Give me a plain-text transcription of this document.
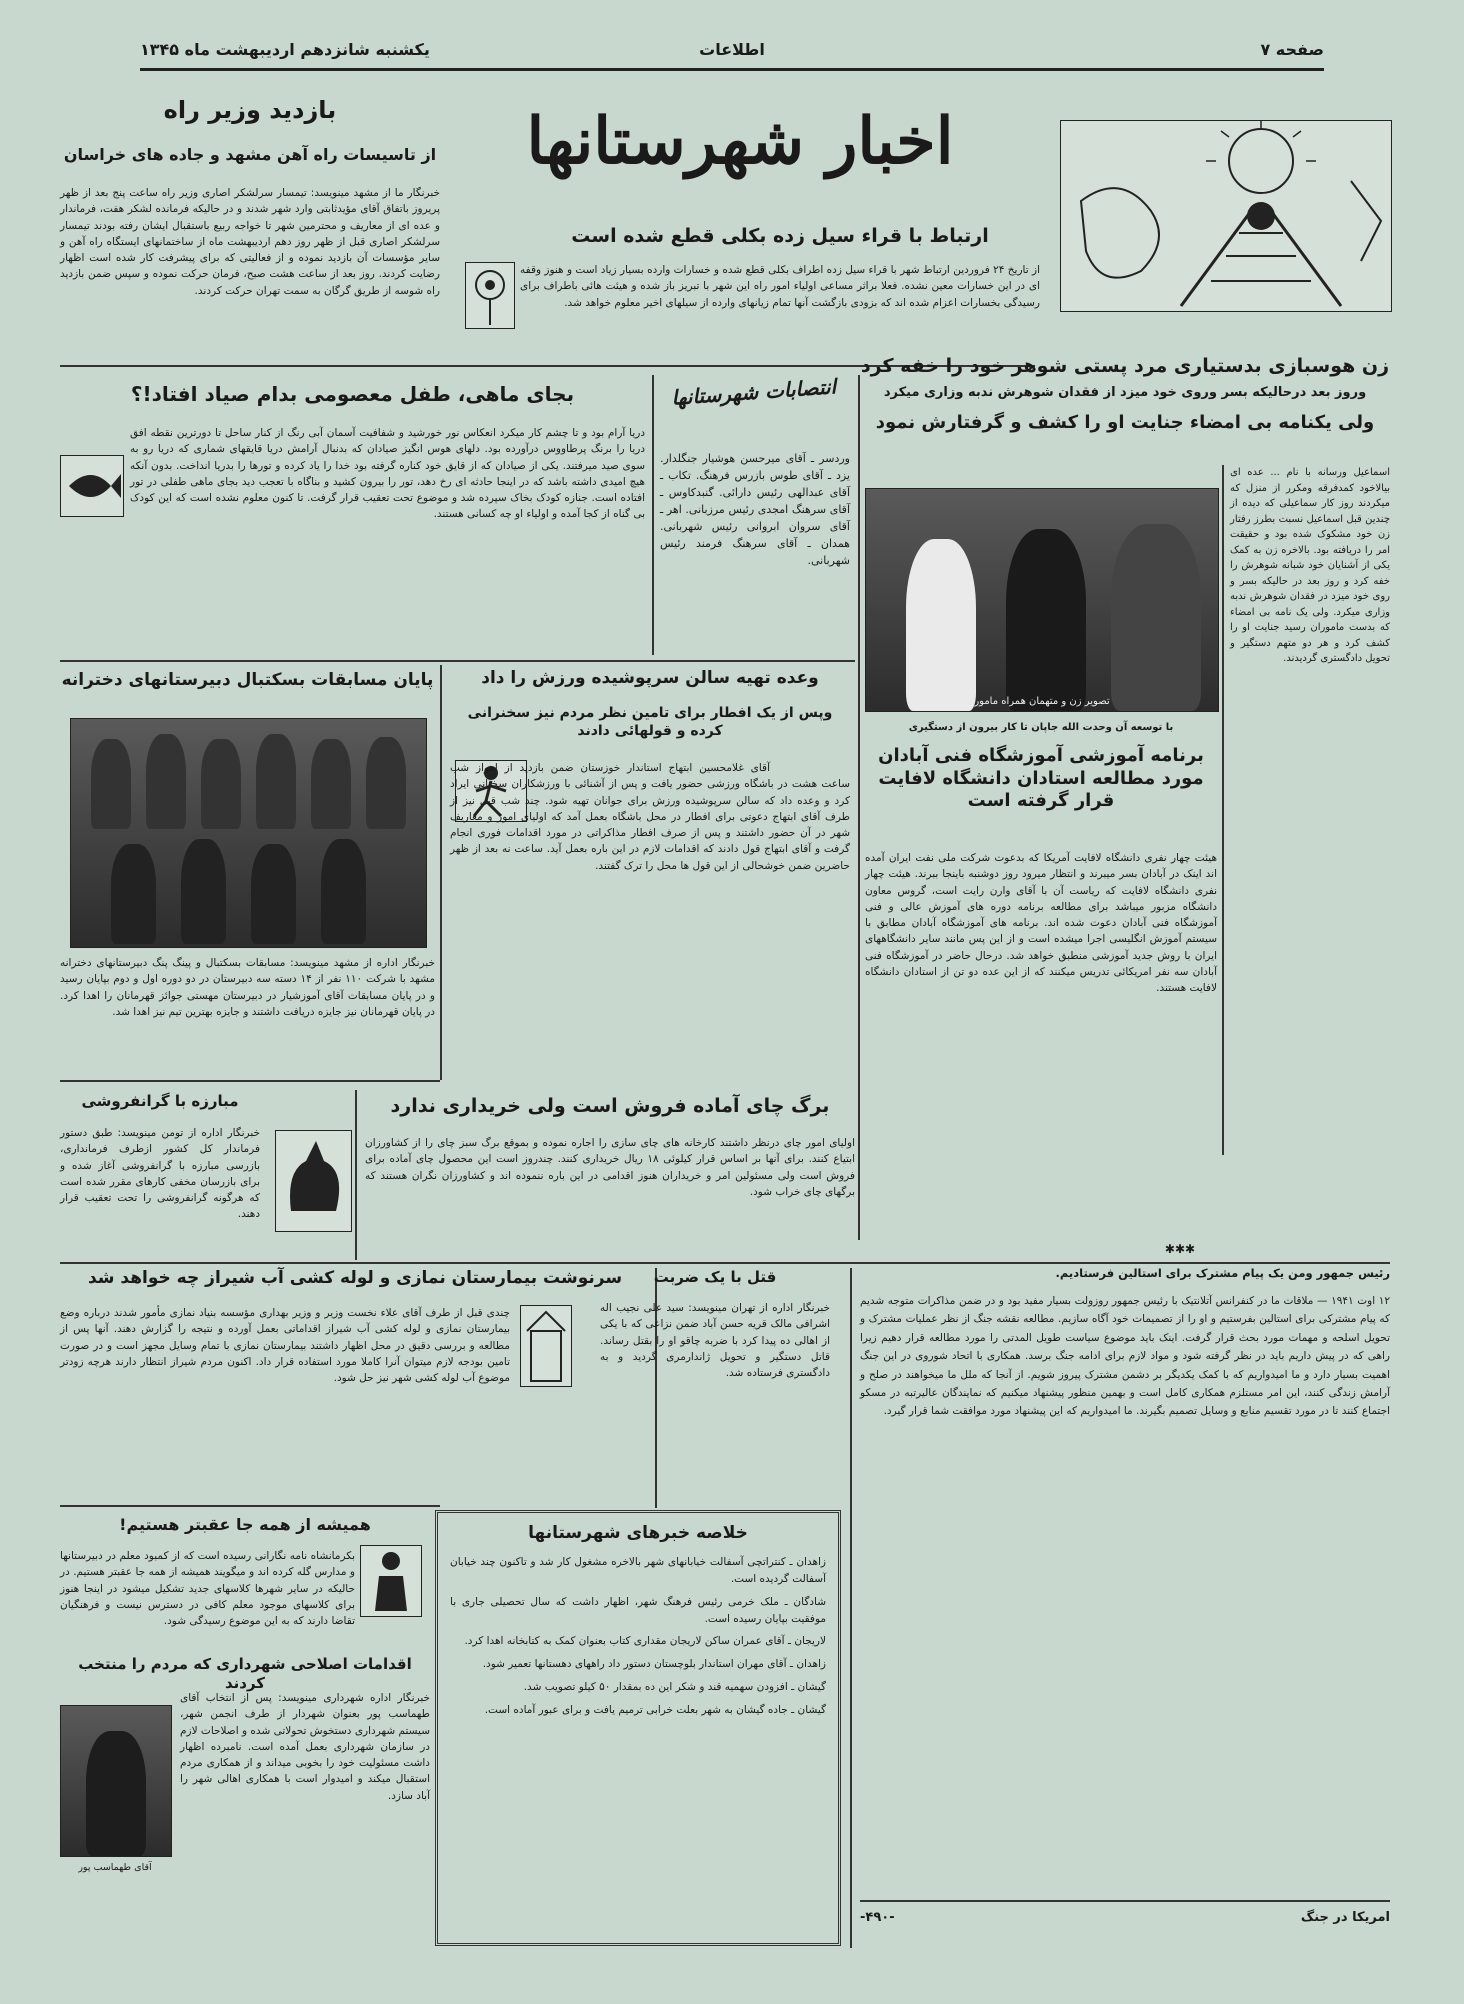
صفحه ۷
اطلاعات
یکشنبه شانزدهم اردیبهشت ماه ۱۳۴۵
اخبار شهرستانها
ارتباط با قراء سیل زده بکلی قطع شده است
از تاریخ ۲۴ فروردین ارتباط شهر با قراء سیل زده اطراف بکلی قطع شده و خسارات وارده بسیار زیاد است و هنوز وقفه ای در این خسارات معین نشده. فعلا براثر مساعی اولیاء امور راه این شهر با تبریز باز شده و هیئت هائی باطراف برای رسیدگی بخسارات اعزام شده اند که بزودی بازگشت آنها تمام زیانهای وارده از سیلهای اخیر معلوم خواهد شد.
بازدید وزیر راه
از تاسیسات راه آهن مشهد و جاده های خراسان
خبرنگار ما از مشهد مینویسد: تیمسار سرلشکر اصاری وزیر راه ساعت پنج بعد از ظهر پریروز باتفاق آقای مؤیدثابتی وارد شهر شدند و در حالیکه فرمانده لشکر هفت، فرماندار و عده ای از معاریف و محترمین شهر تا خواجه ربیع باستقبال ایشان رفته بودند تیمسار سرلشکر اصاری قبل از ظهر روز دهم اردیبهشت ماه از ساختمانهای ایستگاه راه آهن و سایر مؤسسات آن بازدید نموده و از فعالیتی که برای پیشرفت کار شده است اظهار رضایت کردند. روز بعد از ساعت هشت صبح، فرمان حرکت نموده و سپس ضمن بازدید راه شوسه از طریق گرگان به سمت تهران حرکت کردند.
زن هوسبازی بدستیاری مرد پستی شوهر خود را خفه کرد
وروز بعد درحالیکه بسر وروی خود میزد از فقدان شوهرش ندبه وزاری میکرد
ولی یکنامه بی امضاء جنایت او را کشف و گرفتارش نمود
اسماعیل ورسانه با نام ... عده ای بیالاخود کمدفرقه ومکرر از منزل که میکردند روز کار سماعیلی که دیده از چندین قبل اسماعیل نسبت بطرز رفتار زن خود مشکوک شده بود و حقیقت امر را دریافته بود. بالاخره زن به کمک یکی از آشنایان خود شبانه شوهرش را خفه کرد و روز بعد در حالیکه بسر و روی خود میزد در فقدان شوهرش ندبه وزاری میکرد. ولی یک نامه بی امضاء که بدست ماموران رسید جنایت او را کشف کرد و هر دو متهم دستگیر و تحویل دادگستری گردیدند.
تصویر زن و متهمان همراه مامور
با توسعه آن وحدت الله جاپان تا کار بیرون از دستگیری
برنامه آموزشی آموزشگاه فنی آبادان مورد مطالعه استادان دانشگاه لافایت قرار گرفته است
هیئت چهار نفری دانشگاه لافایت آمریکا که بدعوت شرکت ملی نفت ایران آمده اند اینک در آبادان بسر میبرند و انتظار میرود روز دوشنبه باینجا ببرند. هیئت چهار نفری دانشگاه لافایت که ریاست آن با آقای وارن رایت است، گروس معاون دانشگاه مزبور میباشد برای مطالعه برنامه دوره های آموزش عالی و فنی آموزشگاه فنی آبادان دعوت شده اند. برنامه های آموزشگاه آبادان مطابق با سیستم آموزش انگلیسی اجرا میشده است و از این پس مانند سایر دانشگاههای ایران با روش جدید آموزشی منطبق خواهد شد. درحال حاضر در آموزشگاه فنی آبادان سه نفر امریکائی تدریس میکنند که از این عده دو تن از استادان دانشگاه لافایت هستند.
انتصابات شهرستانها
وردسر ـ آقای میرحسن هوشیار جنگلدار. یزد ـ آقای طوس بازرس فرهنگ. تکاب ـ آقای عبدالهی رئیس دارائی. گنبدکاوس ـ آقای سرهنگ امجدی رئیس مرزبانی. اهر ـ آقای سروان ابروانی رئیس شهربانی. همدان ـ آقای سرهنگ فرمند رئیس شهربانی.
بجای ماهی، طفل معصومی بدام صیاد افتاد!؟
دریا آرام بود و تا چشم کار میکرد انعکاس نور خورشید و شفافیت آسمان آبی رنگ از کنار ساحل تا دورترین نقطه افق دریا را برنگ پرطاووس درآورده بود. دلهای هوس انگیز صیادان که بدنبال آرامش دریا قایقهای شماری که دریا رو به سوی صید میرفتند. یکی از صیادان که از قایق خود کناره گرفته بود خدا را یاد کرده و تورها را بدریا انداخت. بدون آنکه هیچ امیدی داشته باشد که در اینجا حادثه ای رخ دهد، تور را بیرون کشید و بناگاه با تعجب دید بجای ماهی طفلی در تور افتاده است. جنازه کودک بخاک سپرده شد و موضوع تحت تعقیب قرار گرفت. تا کنون معلوم نشده است که این کودک بی گناه از کجا آمده و اولیاء او چه کسانی هستند.
پایان مسابقات بسکتبال دبیرستانهای دخترانه
خبرنگار اداره از مشهد مینویسد: مسابقات بسکتبال و پینگ پنگ دبیرستانهای دخترانه مشهد با شرکت ۱۱۰ نفر از ۱۴ دسته سه دبیرستان در دو دوره اول و دوم بپایان رسید و در پایان مسابقات آقای آموزشیار در دبیرستان مهستی جوائز قهرمانان را اهدا کرد. در پایان قهرمانان نیز جایزه دریافت داشتند و جایزه بهترین تیم نیز اهدا شد.
وعده تهیه سالن سرپوشیده ورزش را داد
وپس از یک افطار برای تامین نظر مردم نیز سخنرانی کرده و قولهائی دادند
آقای غلامحسین ابتهاج استاندار خوزستان ضمن بازدید از اهواز شب ساعت هشت در باشگاه ورزشی حضور یافت و پس از آشنائی با ورزشکاران سخنانی ایراد کرد و وعده داد که سالن سرپوشیده ورزش برای جوانان تهیه شود. چند شب قبل نیز از طرف آقای ابتهاج دعوتی برای افطار در محل باشگاه بعمل آمد که اولیای امور و معاریف شهر در آن حضور داشتند و پس از صرف افطار مذاکراتی در مورد اقدامات فوری انجام گرفت و آقای ابتهاج قول دادند که اقدامات لازم در این باره بعمل آید. ساعت نه بعد از ظهر حاضرین ضمن خوشحالی از این قول ها محل را ترک گفتند.
مبارزه با گرانفروشی
خبرنگار اداره از تومن مینویسد: طبق دستور فرماندار کل کشور ازطرف فرمانداری، بازرسی مبارزه با گرانفروشی آغاز شده و برای بازرسان مخفی کارهای مقرر شده است که هرگونه گرانفروشی را تحت تعقیب قرار دهند.
برگ چای آماده فروش است ولی خریداری ندارد
اولیای امور چای درنظر داشتند کارخانه های چای سازی را اجاره نموده و بموقع برگ سبز چای را از کشاورزان ابتیاع کنند. برای آنها بر اساس قرار کیلوئی ۱۸ ریال خریداری کنند. چندروز است این محصول چای آماده برای فروش است ولی مسئولین امر و خریداران هنوز اقدامی در این باره ننموده اند و کشاورزان نگران هستند که برگهای چای خراب شود.
سرنوشت بیمارستان نمازی و لوله کشی آب شیراز چه خواهد شد
چندی قبل از طرف آقای علاء نخست وزیر و وزیر بهداری مؤسسه بنیاد نمازی مأمور شدند درباره وضع بیمارستان نمازی و لوله کشی آب شیراز اقداماتی بعمل آورده و نتیجه را گزارش دهند. آنها پس از مطالعه و بررسی دقیق در محل اظهار داشتند بیمارستان نمازی با تمام وسایل مجهز است و در صورت تامین بودجه لازم میتوان آنرا کاملا مورد استفاده قرار داد. اکنون مردم شیراز انتظار دارند هرچه زودتر موضوع آب لوله کشی شهر نیز حل شود.
قتل با یک ضربت
خبرنگار اداره از تهران مینویسد: سید علی نجیب اله اشرافی مالک قریه حسن آباد ضمن نزاعی که با یکی از اهالی ده پیدا کرد با ضربه چاقو او را بقتل رساند. قاتل دستگیر و تحویل ژاندارمری گردید و به دادگستری فرستاده شد.
خلاصه خبرهای شهرستانها

زاهدان ـ کنتراتچی آسفالت خیابانهای شهر بالاخره مشغول کار شد و تاکنون چند خیابان آسفالت گردیده است.

شادگان ـ ملک خرمی رئیس فرهنگ شهر، اظهار داشت که سال تحصیلی جاری با موفقیت بپایان رسیده است.

لاریجان ـ آقای عمران ساکن لاریجان مقداری کتاب بعنوان کمک به کتابخانه اهدا کرد.

زاهدان ـ آقای مهران استاندار بلوچستان دستور داد راههای دهستانها تعمیر شود.

گیشان ـ افزودن سهمیه قند و شکر این ده بمقدار ۵۰ کیلو تصویب شد.

گیشان ـ جاده گیشان به شهر بعلت خرابی ترمیم یافت و برای عبور آماده است.

همیشه از همه جا عقبتر هستیم!
بکرمانشاه نامه نگارانی رسیده است که از کمبود معلم در دبیرستانها و مدارس گله کرده اند و میگویند همیشه از همه جا عقبتر هستیم. در حالیکه در سایر شهرها کلاسهای جدید تشکیل میشود در اینجا هنوز برای کلاسهای موجود معلم کافی در دسترس نیست و فرهنگیان تقاضا دارند که به این موضوع رسیدگی شود.
اقدامات اصلاحی شهرداری که مردم را منتخب کردند
آقای طهماسب پور
خبرنگار اداره شهرداری مینویسد: پس از انتخاب آقای طهماسب پور بعنوان شهردار از طرف انجمن شهر، سیستم شهرداری دستخوش تحولاتی شده و اصلاحات لازم در سازمان شهرداری بعمل آمده است. نامبرده اظهار داشت مسئولیت خود را بخوبی میداند و از همکاری مردم استقبال میکند و امیدوار است با همکاری اهالی شهر را آباد سازد.
✱✱✱
رئیس جمهور ومن یک پیام مشترک برای استالین فرستادیم.
۱۲ اوت ۱۹۴۱ — ملاقات ما در کنفرانس آتلانتیک با رئیس جمهور روزولت بسیار مفید بود و در ضمن مذاکرات متوجه شدیم که پیام مشترکی برای استالین بفرستیم و او را از تصمیمات خود آگاه سازیم. مطالعه نقشه جنگ از نظر عملیات مشترک و تحویل اسلحه و مهمات مورد بحث قرار گرفت. اینک باید موضوع سیاست طویل المدتی را مورد مطالعه قرار دهیم زیرا راهی که در پیش داریم باید در نظر گرفته شود و مواد لازم برای ادامه جنگ برسد. همکاری با اتحاد شوروی در این جنگ اهمیت بسیار دارد و ما امیدواریم که با کمک یکدیگر بر دشمن مشترک پیروز شویم. از آنجا که ملل ما میخواهند در صلح و آرامش زندگی کنند، این امر مستلزم همکاری کامل است و بهمین منظور پیشنهاد میکنیم که نمایندگان عالیرتبه در مسکو اجتماع کنند تا در مورد تقسیم منابع و وسایل تصمیم بگیرند. ما امیدواریم که این پیشنهاد مورد موافقت شما قرار گیرد.
-۴۹۰-	امریکا در جنگ
